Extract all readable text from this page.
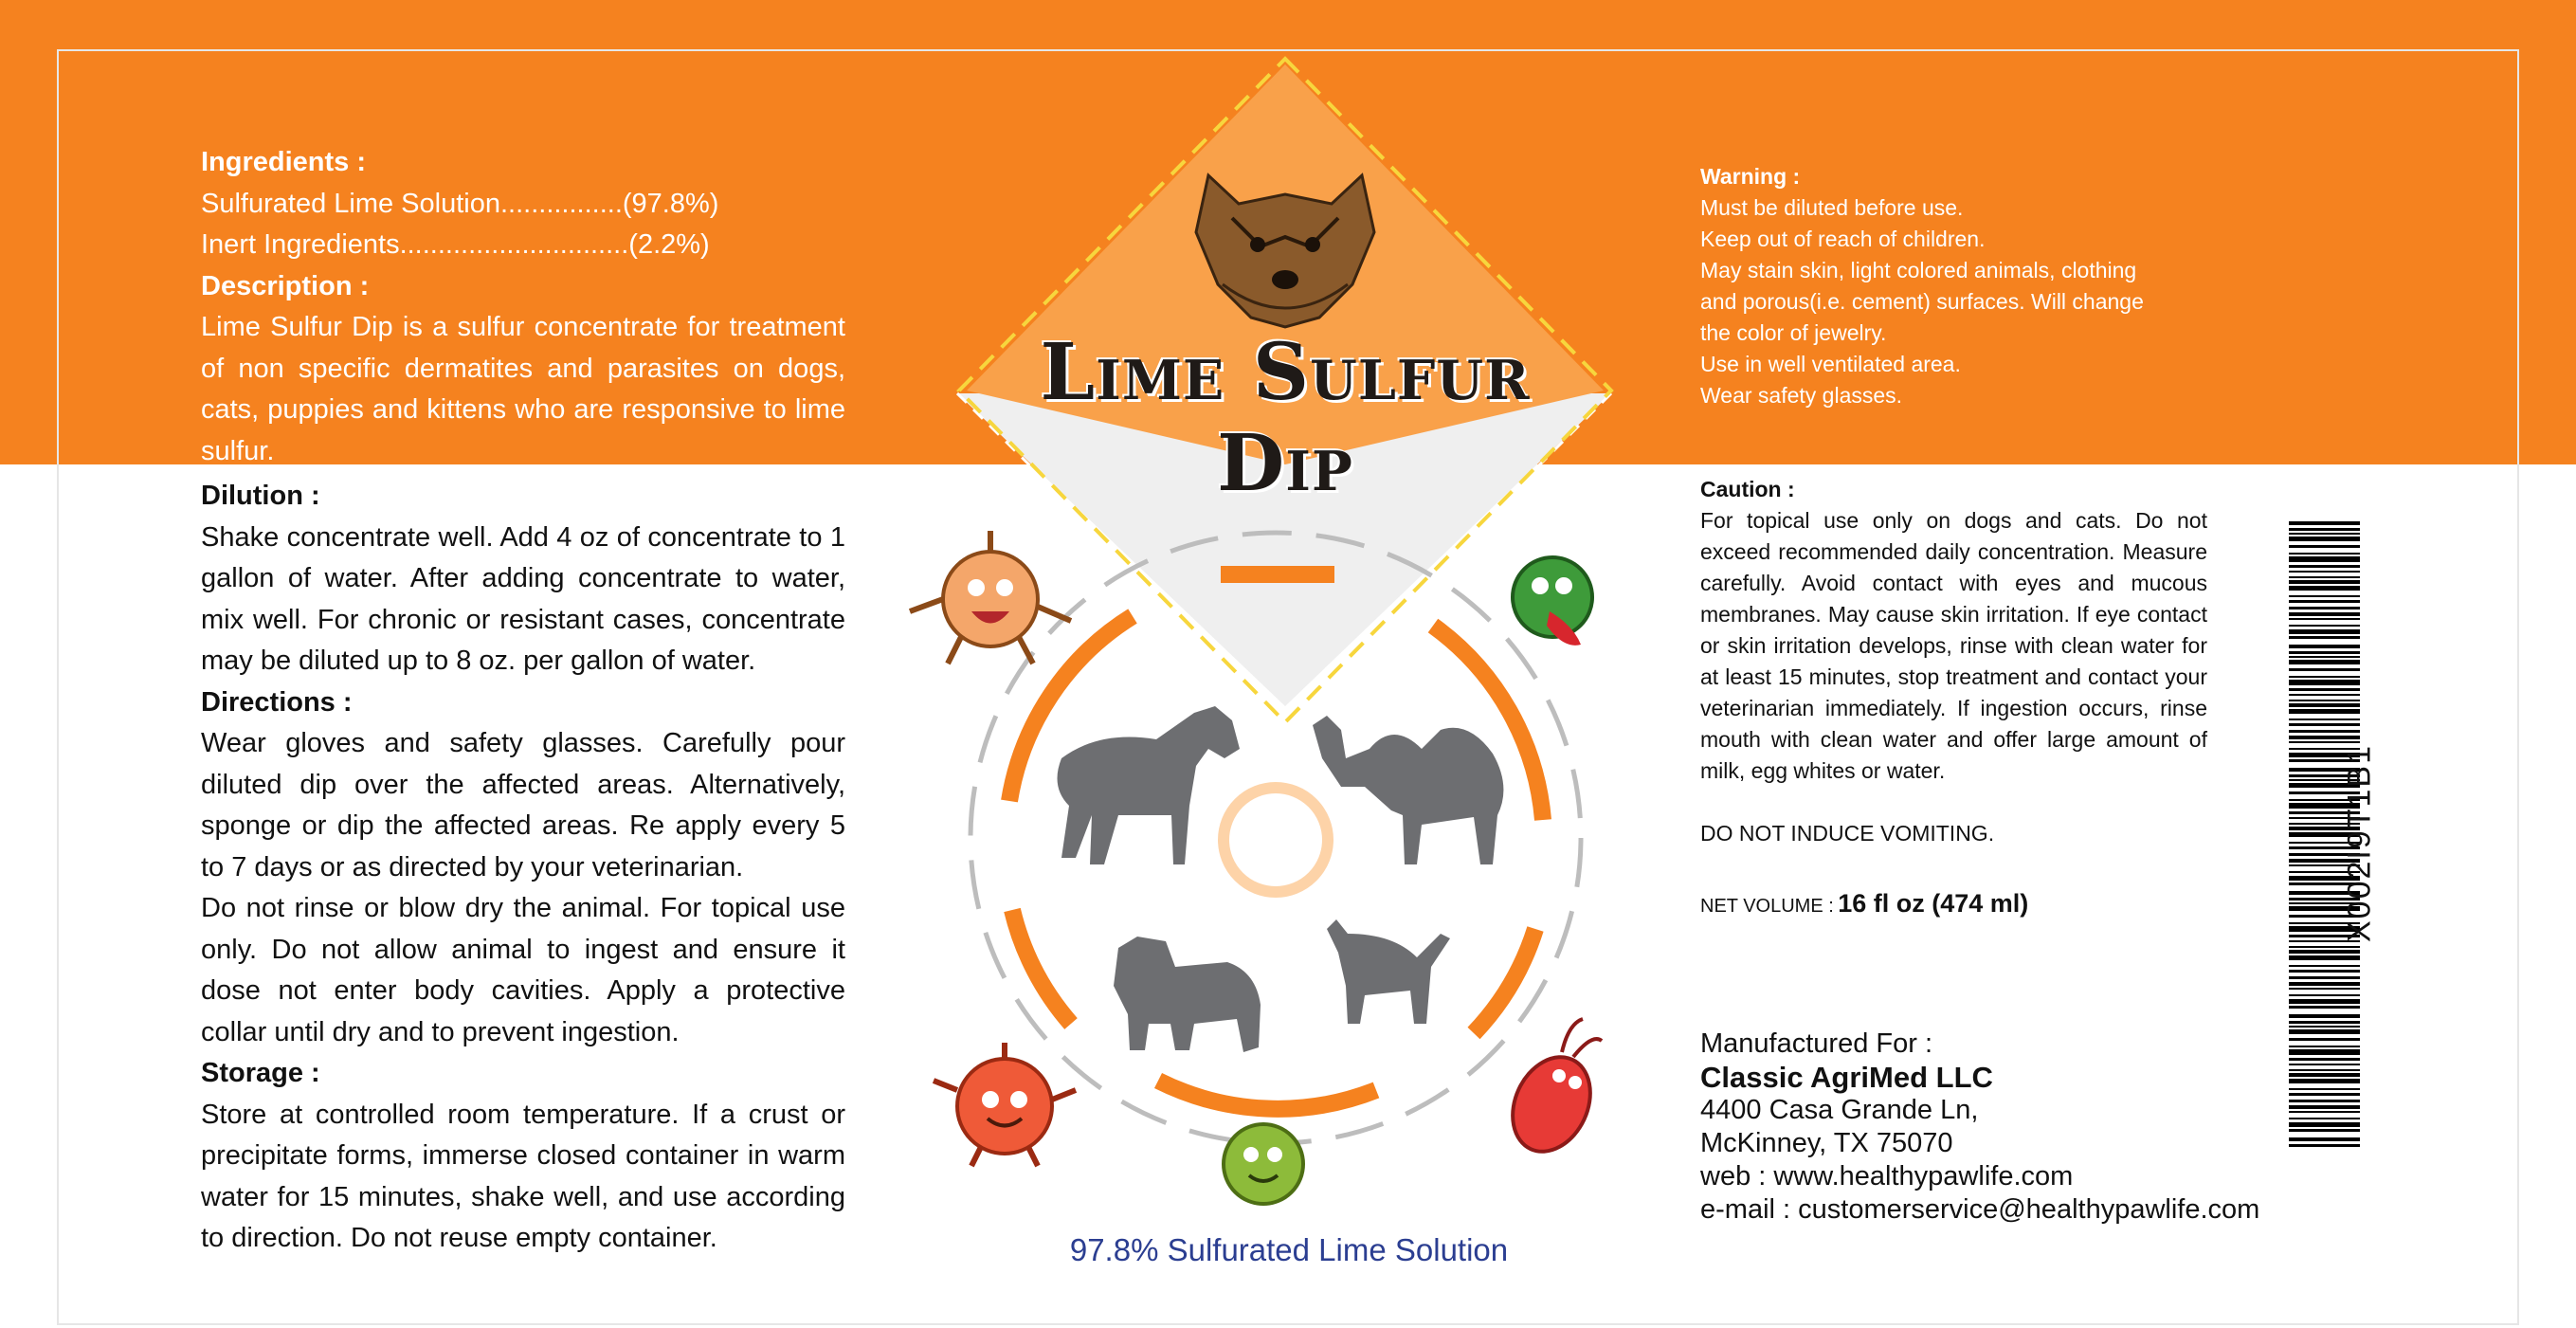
Lime Sulfur Dip

Ingredients :

Sulfurated Lime Solution................(97.8%)

Inert Ingredients..............................(2.2%)

Description :

Lime Sulfur Dip is a sulfur concentrate for treatment of non specific dermatites and parasites on dogs, cats, puppies and kittens who are responsive to lime sulfur.

Dilution :

Shake concentrate well. Add 4 oz of concentrate to 1 gallon of water. After adding concentrate to water, mix well. For chronic or resistant cases, concentrate may be diluted up to 8 oz. per gallon of water.

Directions :

Wear gloves and safety glasses. Carefully pour diluted dip over the affected areas. Alternatively, sponge or dip the affected areas. Re apply every 5 to 7 days or as directed by your veterinarian.

Do not rinse or blow dry the animal. For topical use only. Do not allow animal to ingest and ensure it dose not enter body cavities. Apply a protective collar until dry and to prevent ingestion.

Storage :

Store at controlled room temperature. If a crust or precipitate forms, immerse closed container in warm water for 15 minutes, shake well, and use according to direction. Do not reuse empty container.

Warning :

Must be diluted before use.

Keep out of reach of children.

May stain skin, light colored animals, clothing

and porous(i.e. cement) surfaces. Will change

the color of jewelry.

Use in well ventilated area.

Wear safety glasses.

Caution :

For topical use only on dogs and cats. Do not exceed recommended daily concentration. Measure carefully. Avoid contact with eyes and mucous membranes. May cause skin irritation. If eye contact or skin irritation develops, rinse with clean water for at least 15 minutes, stop treatment and contact your veterinarian immediately. If ingestion occurs, rinse mouth with clean water and offer large amount of milk, egg whites or water.

DO NOT INDUCE VOMITING.

NET VOLUME : 16 fl oz (474 ml)

Manufactured For :

Classic AgriMed LLC

4400 Casa Grande Ln,

McKinney, TX 75070

web : www.healthypawlife.com

e-mail : customerservice@healthypawlife.com

97.8% Sulfurated Lime Solution
X002I9T1B1
